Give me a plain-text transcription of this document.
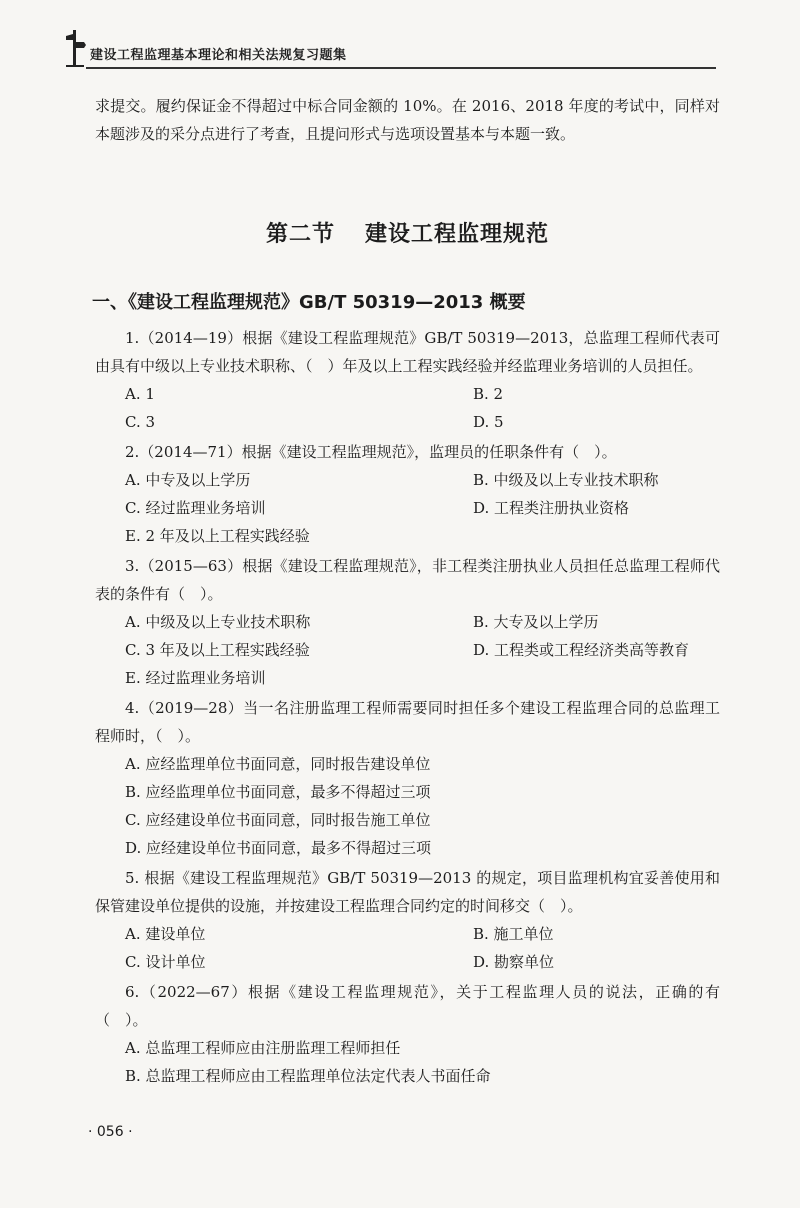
建设工程监理基本理论和相关法规复习题集

求提交。履约保证金不得超过中标合同金额的 10%。在 2016、2018 年度的考试中，同样对本题涉及的采分点进行了考查，且提问形式与选项设置基本与本题一致。

第二节 建设工程监理规范
一、《建设工程监理规范》GB/T 50319—2013 概要

1.（2014—19）根据《建设工程监理规范》GB/T 50319—2013，总监理工程师代表可由具有中级以上专业技术职称、（　）年及以上工程实践经验并经监理业务培训的人员担任。

A. 1	B. 2
C. 3	D. 5

2.（2014—71）根据《建设工程监理规范》，监理员的任职条件有（　）。

A. 中专及以上学历	B. 中级及以上专业技术职称
C. 经过监理业务培训	D. 工程类注册执业资格
E. 2 年及以上工程实践经验

3.（2015—63）根据《建设工程监理规范》，非工程类注册执业人员担任总监理工程师代表的条件有（　）。

A. 中级及以上专业技术职称	B. 大专及以上学历
C. 3 年及以上工程实践经验	D. 工程类或工程经济类高等教育
E. 经过监理业务培训

4.（2019—28）当一名注册监理工程师需要同时担任多个建设工程监理合同的总监理工程师时，（　）。

A. 应经监理单位书面同意，同时报告建设单位
B. 应经监理单位书面同意，最多不得超过三项
C. 应经建设单位书面同意，同时报告施工单位
D. 应经建设单位书面同意，最多不得超过三项

5. 根据《建设工程监理规范》GB/T 50319—2013 的规定，项目监理机构宜妥善使用和保管建设单位提供的设施，并按建设工程监理合同约定的时间移交（　）。

A. 建设单位	B. 施工单位
C. 设计单位	D. 勘察单位

6.（2022—67）根据《建设工程监理规范》，关于工程监理人员的说法，正确的有（　）。

A. 总监理工程师应由注册监理工程师担任
B. 总监理工程师应由工程监理单位法定代表人书面任命
· 056 ·
